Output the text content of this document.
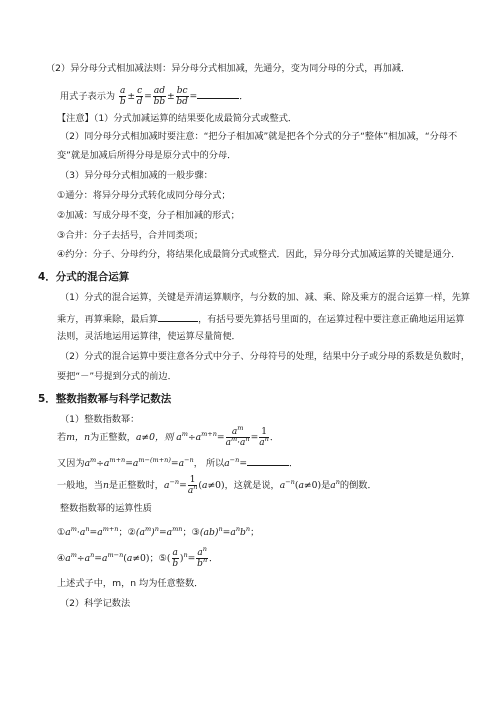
（2）异分母分式相加减法则：异分母分式相加减，先通分，变为同分母的分式，再加减．
用式子表示为 $\frac{a}{b} \pm \frac{c}{d} = \frac{ad}{bb} \pm \frac{bc}{bd}$ =	．
【注意】（1）分式加减运算的结果要化成最简分式或整式．
（2）同分母分式相加减时要注意：“把分子相加减”就是把各个分式的分子“整体”相加减，“分母不
变”就是加减后所得分母是原分式中的分母．
（3）异分母分式相加减的一般步骤：
①通分：将异分母分式转化成同分母分式；
②加减：写成分母不变，分子相加减的形式；
③合并：分子去括号，合并同类项；
④约分：分子、分母约分，将结果化成最简分式或整式．因此，异分母分式加减运算的关键是通分．
4．分式的混合运算
（1）分式的混合运算，关键是弄清运算顺序，与分数的加、减、乘、除及乘方的混合运算一样，先算
乘方，再算乘除，最后算	，有括号要先算括号里面的，在运算过程中要注意正确地运用运算
法则，灵活地运用运算律，使运算尽量简便．
（2）分式的混合运算中要注意各分式中分子、分母符号的处理，结果中分子或分母的系数是负数时，
要把“－”号提到分式的前边．
5．整数指数幂与科学记数法
（1）整数指数幂：
若m，n为正整数，a≠0，则 $a^m\div a^{m+n}= \frac{a^m}{a^m\cdot a^n} = \frac{1}{a^n}$ ．
又因为$a^m\div a^{m+n}=a^{m-(m+n)}=a^{-n}$， 所以$a^{-n}=$	．
一般地，当n是正整数时，$a^{-n}= \frac{1}{a^n} (a\ne 0)$，这就是说，$a^{-n}(a\ne 0)$是$a^n$的倒数．
整数指数幂的运算性质
$①a^m\cdot a^n=a^{m+n}$；$②(a^m)^n=a^{mn}$；$③(ab)^n=a^nb^n$；
$④a^m\div a^n=a^{m-n}(a\ne 0)$；⑤( $\frac{a}{b} )^n= \frac{a^n}{b^n}$ ．
上述式子中，m，n 均为任意整数．
（2）科学记数法
